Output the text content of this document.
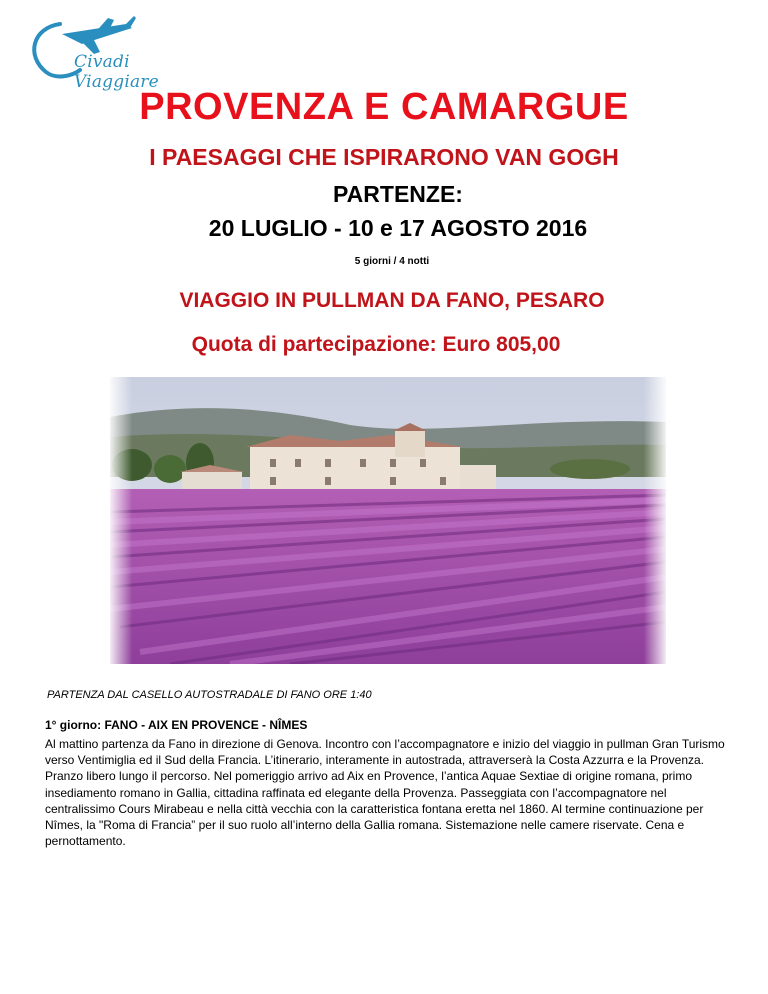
Civadi Viaggiare
PROVENZA E CAMARGUE
I PAESAGGI CHE ISPIRARONO VAN GOGH
PARTENZE:
20 LUGLIO - 10 e 17 AGOSTO 2016
5 giorni / 4 notti
VIAGGIO IN PULLMAN DA FANO, PESARO
Quota di partecipazione: Euro 805,00
PARTENZA DAL CASELLO AUTOSTRADALE DI FANO ORE 1:40
1° giorno: FANO - AIX EN PROVENCE - NÎMES
Al mattino partenza da Fano in direzione di Genova. Incontro con l’accompagnatore e inizio del viaggio in pullman Gran Turismo verso Ventimiglia ed il Sud della Francia. L’itinerario, interamente in autostrada, attraverserà la Costa Azzurra e la Provenza. Pranzo libero lungo il percorso. Nel pomeriggio arrivo ad Aix en Provence, l’antica Aquae Sextiae di origine romana, primo insediamento romano in Gallia, cittadina raffinata ed elegante della Provenza. Passeggiata con l’accompagnatore nel centralissimo Cours Mirabeau e nella città vecchia con la caratteristica fontana eretta nel 1860. Al termine continuazione per Nîmes, la "Roma di Francia” per il suo ruolo all’interno della Gallia romana. Sistemazione nelle camere riservate. Cena e pernottamento.
